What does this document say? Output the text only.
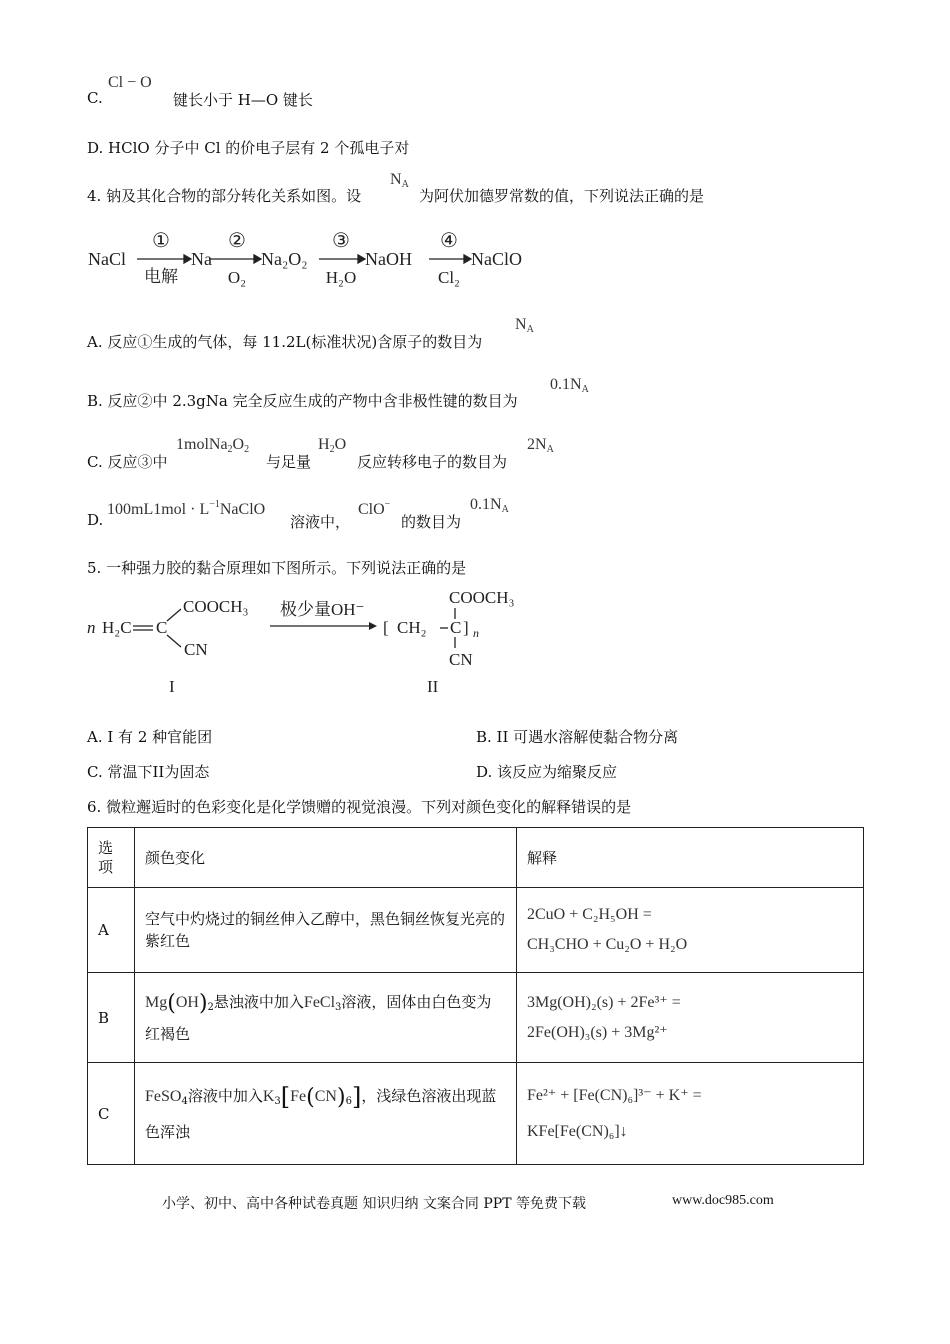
C.
Cl − O
键长小于 H—O 键长
D. HClO 分子中 Cl 的价电子层有 2 个孤电子对
4. 钠及其化合物的部分转化关系如图。设
$N_A$
为阿伏加德罗常数的值，下列说法正确的是
NaCl	Na	Na₂O₂	NaOH	NaClO
①	②	③	④
电解	O₂	H₂O	Cl₂
A. 反应①生成的气体，每 11.2L(标准状况)含原子的数目为
$N_A$
B. 反应②中 2.3gNa 完全反应生成的产物中含非极性键的数目为
$0.1N_A$
C. 反应③中
$1molNa_2O_2$
与足量
$H_2O$
反应转移电子的数目为
$2N_A$
D.
$100mL1mol \cdot L^{-1}NaClO$
溶液中，
ClO−
的数目为
$0.1N_A$
5. 一种强力胶的黏合原理如下图所示。下列说法正确的是
n H₂C C
COOCH₃
CN
I
COOCH₃
[ CH₂ C ] n
CN
II
极少量OH⁻
A. I 有 2 种官能团	B. II 可遇水溶解使黏合物分离
C. 常温下II为固态	D. 该反应为缩聚反应
6. 微粒邂逅时的色彩变化是化学馈赠的视觉浪漫。下列对颜色变化的解释错误的是
选
项	颜色变化	解释
A	空气中灼烧过的铜丝伸入乙醇中，黑色铜丝恢复光亮的紫红色	2CuO + C₂H₅OH =
CH₃CHO + Cu₂O + H₂O

B	$Mg(OH)_2$悬浊液中加入FeCl$_3$溶液，固体由白色变为红褐色	3Mg(OH)₂(s) + 2Fe³⁺ =
2Fe(OH)₃(s) + 3Mg²⁺

C	FeSO$_4$溶液中加入$K_3[Fe(CN)_6]$，浅绿色溶液出现蓝色浑浊	Fe²⁺ + [Fe(CN)₆]³⁻ + K⁺ =
KFe[Fe(CN)₆]↓
小学、初中、高中各种试卷真题 知识归纳 文案合同 PPT 等免费下载	www.doc985.com
